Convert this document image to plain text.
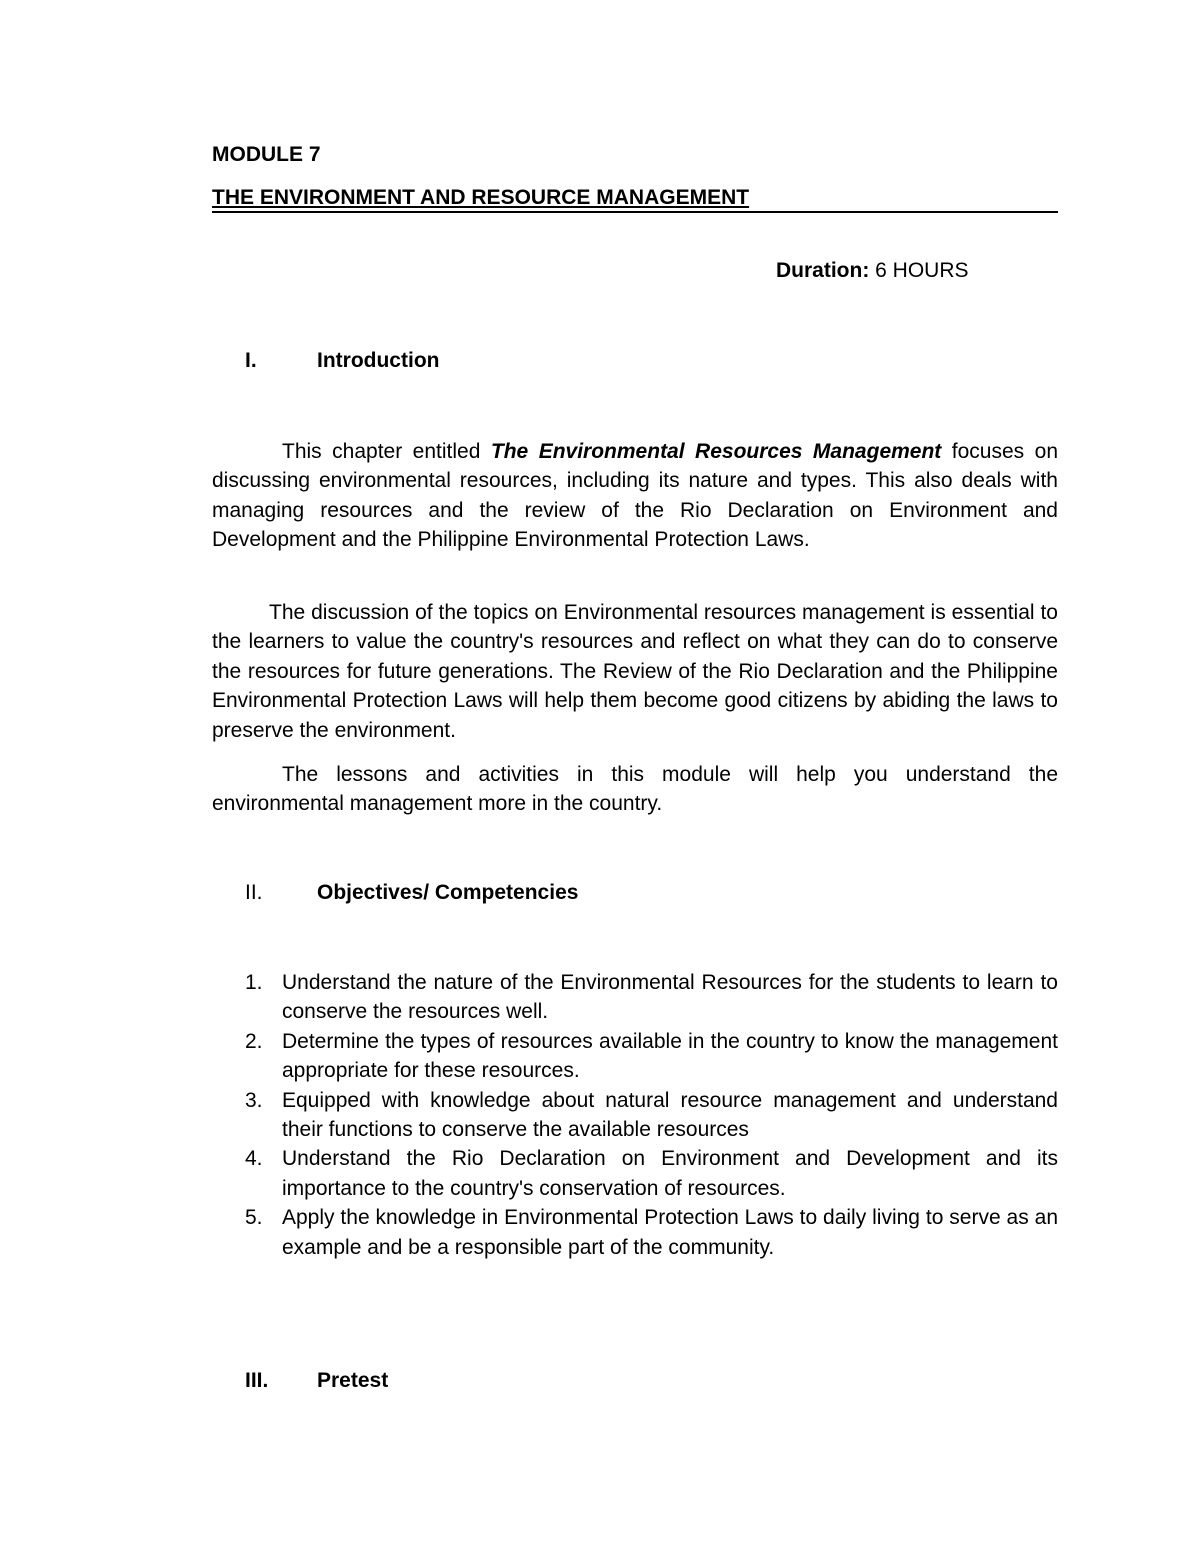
MODULE 7
THE ENVIRONMENT AND RESOURCE MANAGEMENT
Duration: 6 HOURS
I.	Introduction

This chapter entitled The Environmental Resources Management focuses on discussing environmental resources, including its nature and types. This also deals with managing resources and the review of the Rio Declaration on Environment and Development and the Philippine Environmental Protection Laws.

The discussion of the topics on Environmental resources management is essential to the learners to value the country's resources and reflect on what they can do to conserve the resources for future generations. The Review of the Rio Declaration and the Philippine Environmental Protection Laws will help them become good citizens by abiding the laws to preserve the environment.

The lessons and activities in this module will help you understand the environmental management more in the country.

II.	Objectives/ Competencies
1. Understand the nature of the Environmental Resources for the students to learn to conserve the resources well.
2. Determine the types of resources available in the country to know the management appropriate for these resources.
3. Equipped with knowledge about natural resource management and understand their functions to conserve the available resources
4. Understand the Rio Declaration on Environment and Development and its importance to the country's conservation of resources.
5. Apply the knowledge in Environmental Protection Laws to daily living to serve as an example and be a responsible part of the community.
III. Pretest
